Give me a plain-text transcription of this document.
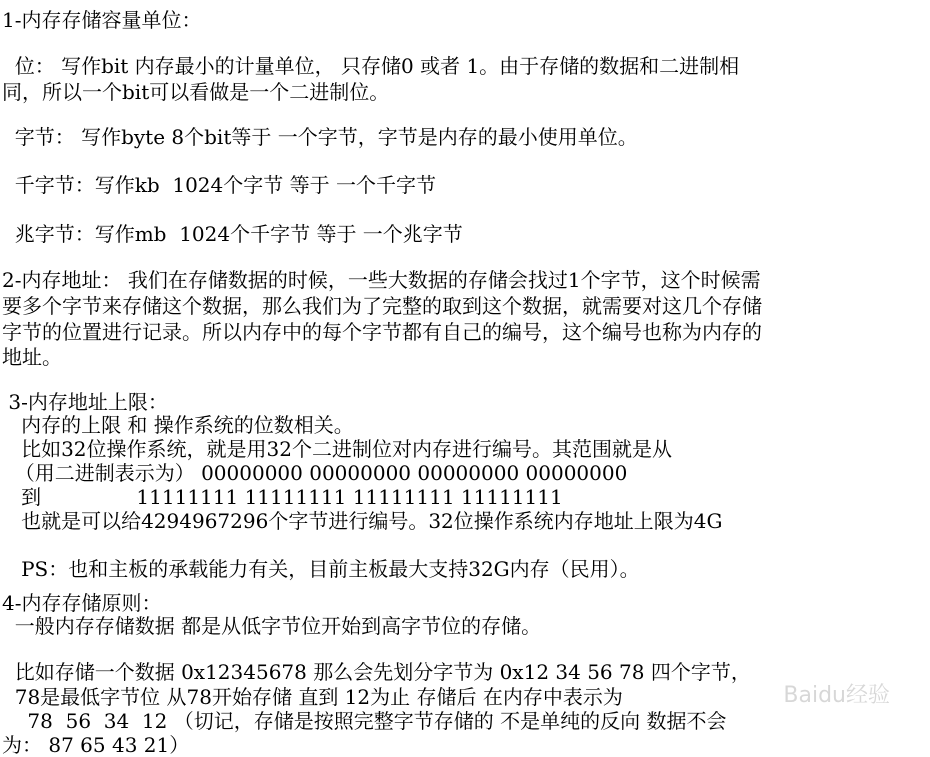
1-内存存储容量单位：
位： 写作bit 内存最小的计量单位， 只存储0 或者 1。由于存储的数据和二进制相
同，所以一个bit可以看做是一个二进制位。
字节： 写作byte 8个bit等于 一个字节，字节是内存的最小使用单位。
千字节：写作kb  1024个字节 等于 一个千字节
兆字节：写作mb  1024个千字节 等于 一个兆字节
2-内存地址： 我们在存储数据的时候，一些大数据的存储会找过1个字节，这个时候需
要多个字节来存储这个数据，那么我们为了完整的取到这个数据，就需要对这几个存储
字节的位置进行记录。所以内存中的每个字节都有自己的编号，这个编号也称为内存的
地址。
3-内存地址上限：
内存的上限 和 操作系统的位数相关。
比如32位操作系统，就是用32个二进制位对内存进行编号。其范围就是从
（用二进制表示为） 00000000 00000000 00000000 00000000
到               11111111 11111111 11111111 11111111
也就是可以给4294967296个字节进行编号。32位操作系统内存地址上限为4G
PS：也和主板的承载能力有关，目前主板最大支持32G内存（民用）。
4-内存存储原则：
一般内存存储数据 都是从低字节位开始到高字节位的存储。
比如存储一个数据 0x12345678 那么会先划分字节为 0x12 34 56 78 四个字节，
78是最低字节位 从78开始存储 直到 12为止 存储后 在内存中表示为
78  56  34  12 （切记，存储是按照完整字节存储的 不是单纯的反向 数据不会
为： 87 65 43 21）
Baidu经验
